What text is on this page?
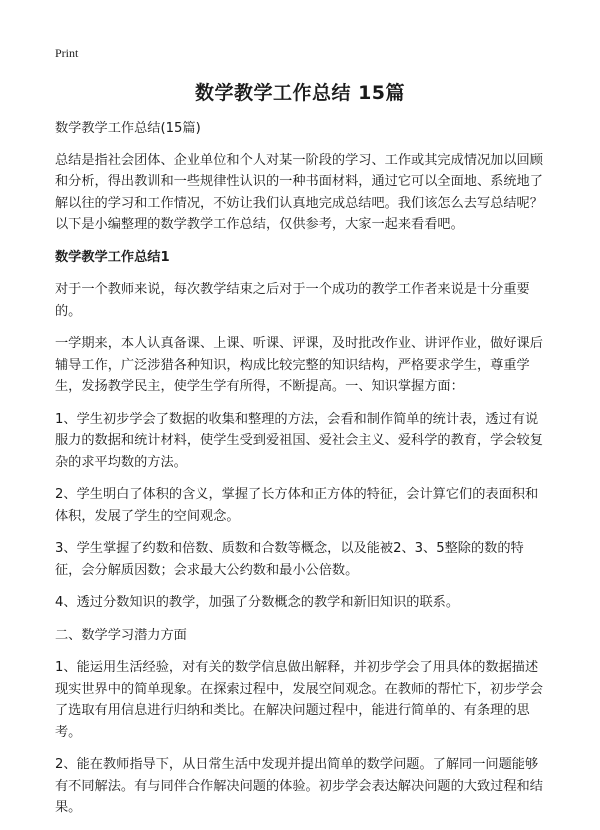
Print
数学教学工作总结 15篇

数学教学工作总结(15篇)

总结是指社会团体、企业单位和个人对某一阶段的学习、工作或其完成情况加以回顾和分析，得出教训和一些规律性认识的一种书面材料，通过它可以全面地、系统地了解以往的学习和工作情况，不妨让我们认真地完成总结吧。我们该怎么去写总结呢？以下是小编整理的数学教学工作总结，仅供参考，大家一起来看看吧。

数学教学工作总结1

对于一个教师来说，每次教学结束之后对于一个成功的教学工作者来说是十分重要的。

一学期来，本人认真备课、上课、听课、评课，及时批改作业、讲评作业，做好课后辅导工作，广泛涉猎各种知识，构成比较完整的知识结构，严格要求学生，尊重学生，发扬教学民主，使学生学有所得，不断提高。一、知识掌握方面：

1、学生初步学会了数据的收集和整理的方法，会看和制作简单的统计表，透过有说服力的数据和统计材料，使学生受到爱祖国、爱社会主义、爱科学的教育，学会较复杂的求平均数的方法。

2、学生明白了体积的含义，掌握了长方体和正方体的特征，会计算它们的表面积和体积，发展了学生的空间观念。

3、学生掌握了约数和倍数、质数和合数等概念，以及能被2、3、5整除的数的特征，会分解质因数；会求最大公约数和最小公倍数。

4、透过分数知识的教学，加强了分数概念的教学和新旧知识的联系。

二、数学学习潜力方面

1、能运用生活经验，对有关的数学信息做出解释，并初步学会了用具体的数据描述现实世界中的简单现象。在探索过程中，发展空间观念。在教师的帮忙下，初步学会了选取有用信息进行归纳和类比。在解决问题过程中，能进行简单的、有条理的思考。

2、能在教师指导下，从日常生活中发现并提出简单的数学问题。了解同一问题能够有不同解法。有与同伴合作解决问题的体验。初步学会表达解决问题的大致过程和结果。
